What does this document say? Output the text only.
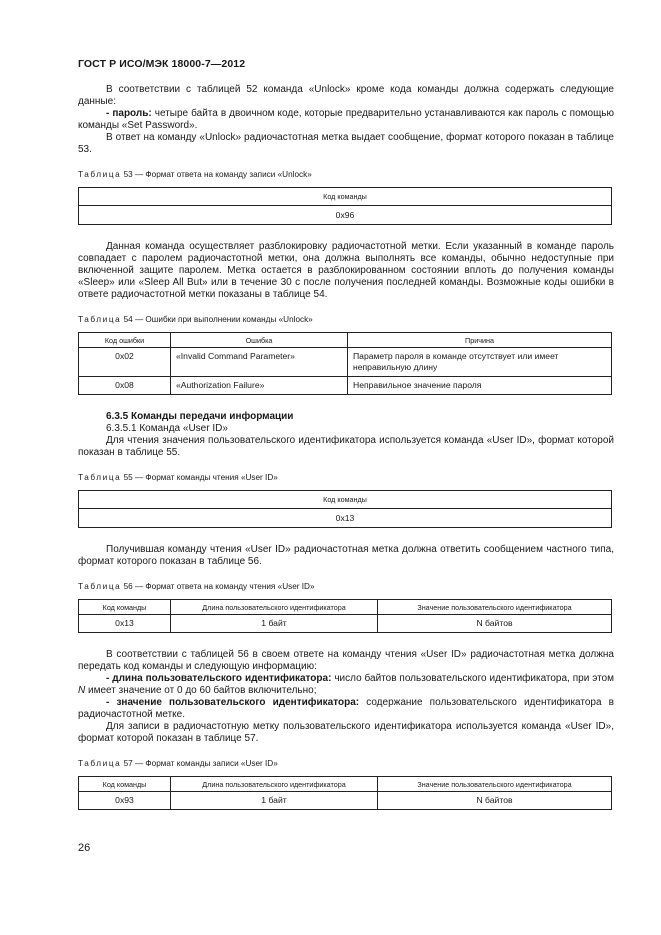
ГОСТ Р ИСО/МЭК 18000-7—2012

В соответствии с таблицей 52 команда «Unlock» кроме кода команды должна содержать следующие данные:

- пароль: четыре байта в двоичном коде, которые предварительно устанавливаются как пароль с помощью команды «Set Password».

В ответ на команду «Unlock» радиочастотная метка выдает сообщение, формат которого показан в таблице 53.

Таблица 53 — Формат ответа на команду записи «Unlock»
Код команды
0x96

Данная команда осуществляет разблокировку радиочастотной метки. Если указанный в команде пароль совпадает с паролем радиочастотной метки, она должна выполнять все команды, обычно недоступные при включенной защите паролем. Метка остается в разблокированном состоянии вплоть до получения команды «Sleep» или «Sleep All But» или в течение 30 с после получения последней команды. Возможные коды ошибки в ответе радиочастотной метки показаны в таблице 54.

Таблица 54 — Ошибки при выполнении команды «Unlock»
Код ошибки	Ошибка	Причина
0x02	«Invalid Command Parameter»	Параметр пароля в команде отсутствует или имеет неправильную длину
0x08	«Authorization Failure»	Неправильное значение пароля

6.3.5 Команды передачи информации

6.3.5.1 Команда «User ID»

Для чтения значения пользовательского идентификатора используется команда «User ID», формат которой показан в таблице 55.

Таблица 55 — Формат команды чтения «User ID»
Код команды
0x13

Получившая команду чтения «User ID» радиочастотная метка должна ответить сообщением частного типа, формат которого показан в таблице 56.

Таблица 56 — Формат ответа на команду чтения «User ID»
Код команды	Длина пользовательского идентификатора	Значение пользовательского идентификатора
0x13	1 байт	N байтов

В соответствии с таблицей 56 в своем ответе на команду чтения «User ID» радиочастотная метка должна передать код команды и следующую информацию:

- длина пользовательского идентификатора: число байтов пользовательского идентификатора, при этом N имеет значение от 0 до 60 байтов включительно;

- значение пользовательского идентификатора: содержание пользовательского идентификатора в радиочастотной метке.

Для записи в радиочастотную метку пользовательского идентификатора используется команда «User ID», формат которой показан в таблице 57.

Таблица 57 — Формат команды записи «User ID»
Код команды	Длина пользовательского идентификатора	Значение пользовательского идентификатора
0x93	1 байт	N байтов
26
